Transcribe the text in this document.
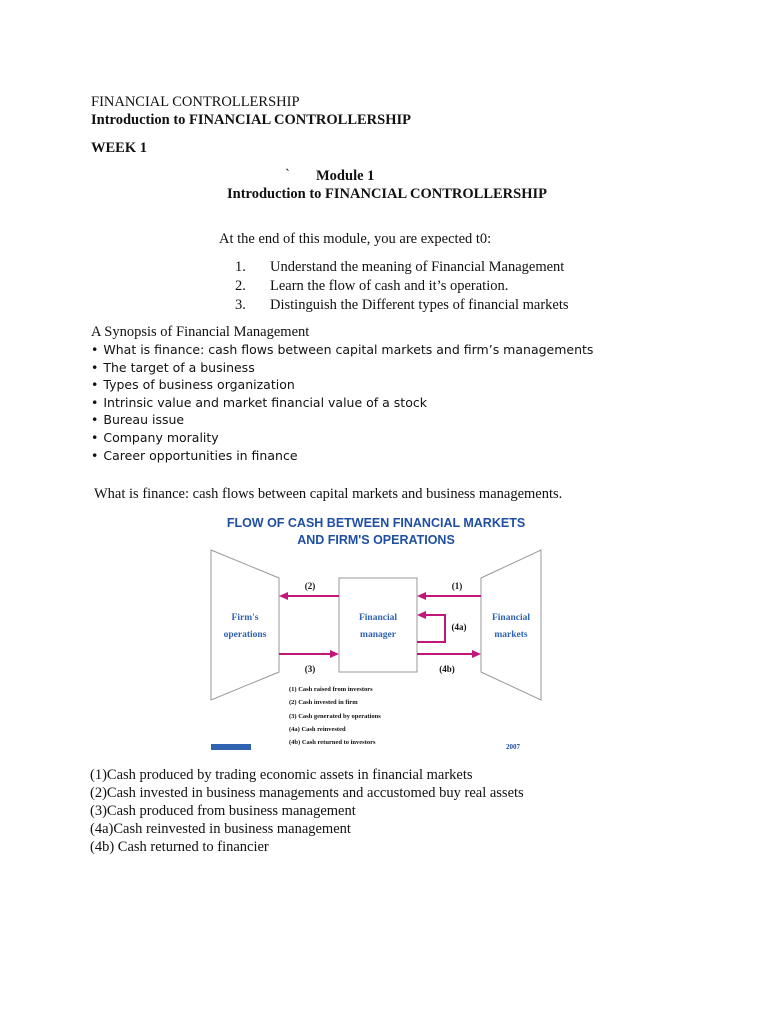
FINANCIAL CONTROLLERSHIP
Introduction to FINANCIAL CONTROLLERSHIP
WEEK 1
` Module 1
Introduction to FINANCIAL CONTROLLERSHIP
At the end of this module, you are expected t0:
1. Understand the meaning of Financial Management
2. Learn the flow of cash and it’s operation.
3. Distinguish the Different types of financial markets
A Synopsis of Financial Management
• What is finance: cash flows between capital markets and firm’s managements
• The target of a business
• Types of business organization
• Intrinsic value and market financial value of a stock
• Bureau issue
• Company morality
• Career opportunities in finance
What is finance: cash flows between capital markets and business managements.
FLOW OF CASH BETWEEN FINANCIAL MARKETS
AND FIRM'S OPERATIONS
Firm's
operations
Financial
manager
Financial
markets
(1)
(2)
(3)
(4a)
(4b)
(1) Cash raised from investors
(2) Cash invested in firm
(3) Cash generated by operations
(4a) Cash reinvested
(4b) Cash returned to investors
2007
(1)Cash produced by trading economic assets in financial markets
(2)Cash invested in business managements and accustomed buy real assets
(3)Cash produced from business management
(4a)Cash reinvested in business management
(4b) Cash returned to financier
